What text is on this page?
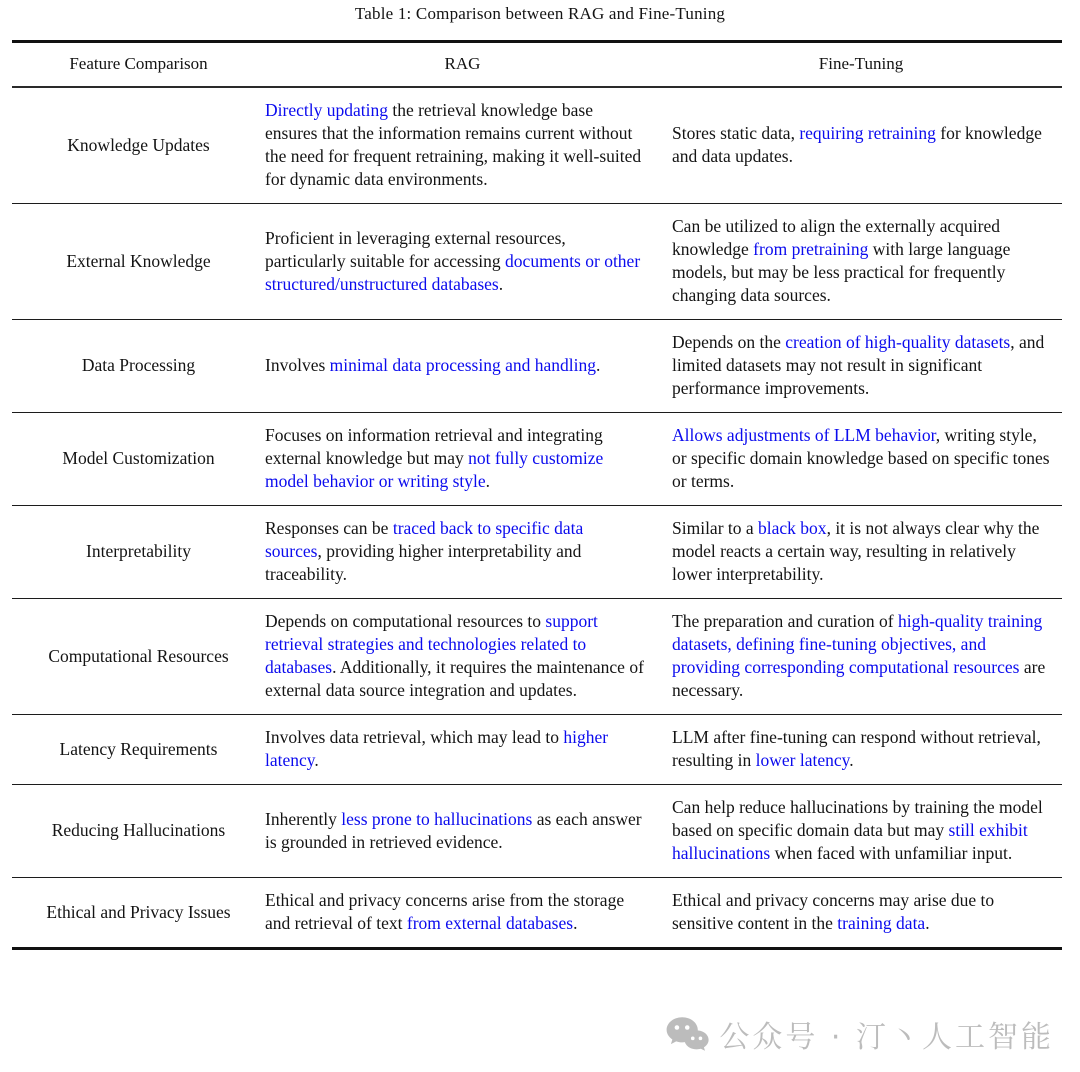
Table 1: Comparison between RAG and Fine-Tuning
Feature Comparison	RAG	Fine-Tuning
Knowledge Updates	Directly updating the retrieval knowledge base ensures that the information remains current without the need for frequent retraining, making it well-suited for dynamic data environments.	Stores static data, requiring retraining for knowledge and data updates.
External Knowledge	Proficient in leveraging external resources, particularly suitable for accessing documents or other structured/unstructured databases.	Can be utilized to align the externally acquired knowledge from pretraining with large language models, but may be less practical for frequently changing data sources.
Data Processing	Involves minimal data processing and handling.	Depends on the creation of high-quality datasets, and limited datasets may not result in significant performance improvements.
Model Customization	Focuses on information retrieval and integrating external knowledge but may not fully customize model behavior or writing style.	Allows adjustments of LLM behavior, writing style, or specific domain knowledge based on specific tones or terms.
Interpretability	Responses can be traced back to specific data sources, providing higher interpretability and traceability.	Similar to a black box, it is not always clear why the model reacts a certain way, resulting in relatively lower interpretability.
Computational Resources	Depends on computational resources to support retrieval strategies and technologies related to databases. Additionally, it requires the maintenance of external data source integration and updates.	The preparation and curation of high-quality training datasets, defining fine-tuning objectives, and providing corresponding computational resources are necessary.
Latency Requirements	Involves data retrieval, which may lead to higher latency.	LLM after fine-tuning can respond without retrieval, resulting in lower latency.
Reducing Hallucinations	Inherently less prone to hallucinations as each answer is grounded in retrieved evidence.	Can help reduce hallucinations by training the model based on specific domain data but may still exhibit hallucinations when faced with unfamiliar input.
Ethical and Privacy Issues	Ethical and privacy concerns arise from the storage and retrieval of text from external databases.	Ethical and privacy concerns may arise due to sensitive content in the training data.
公众号 · 汀丶人工智能
